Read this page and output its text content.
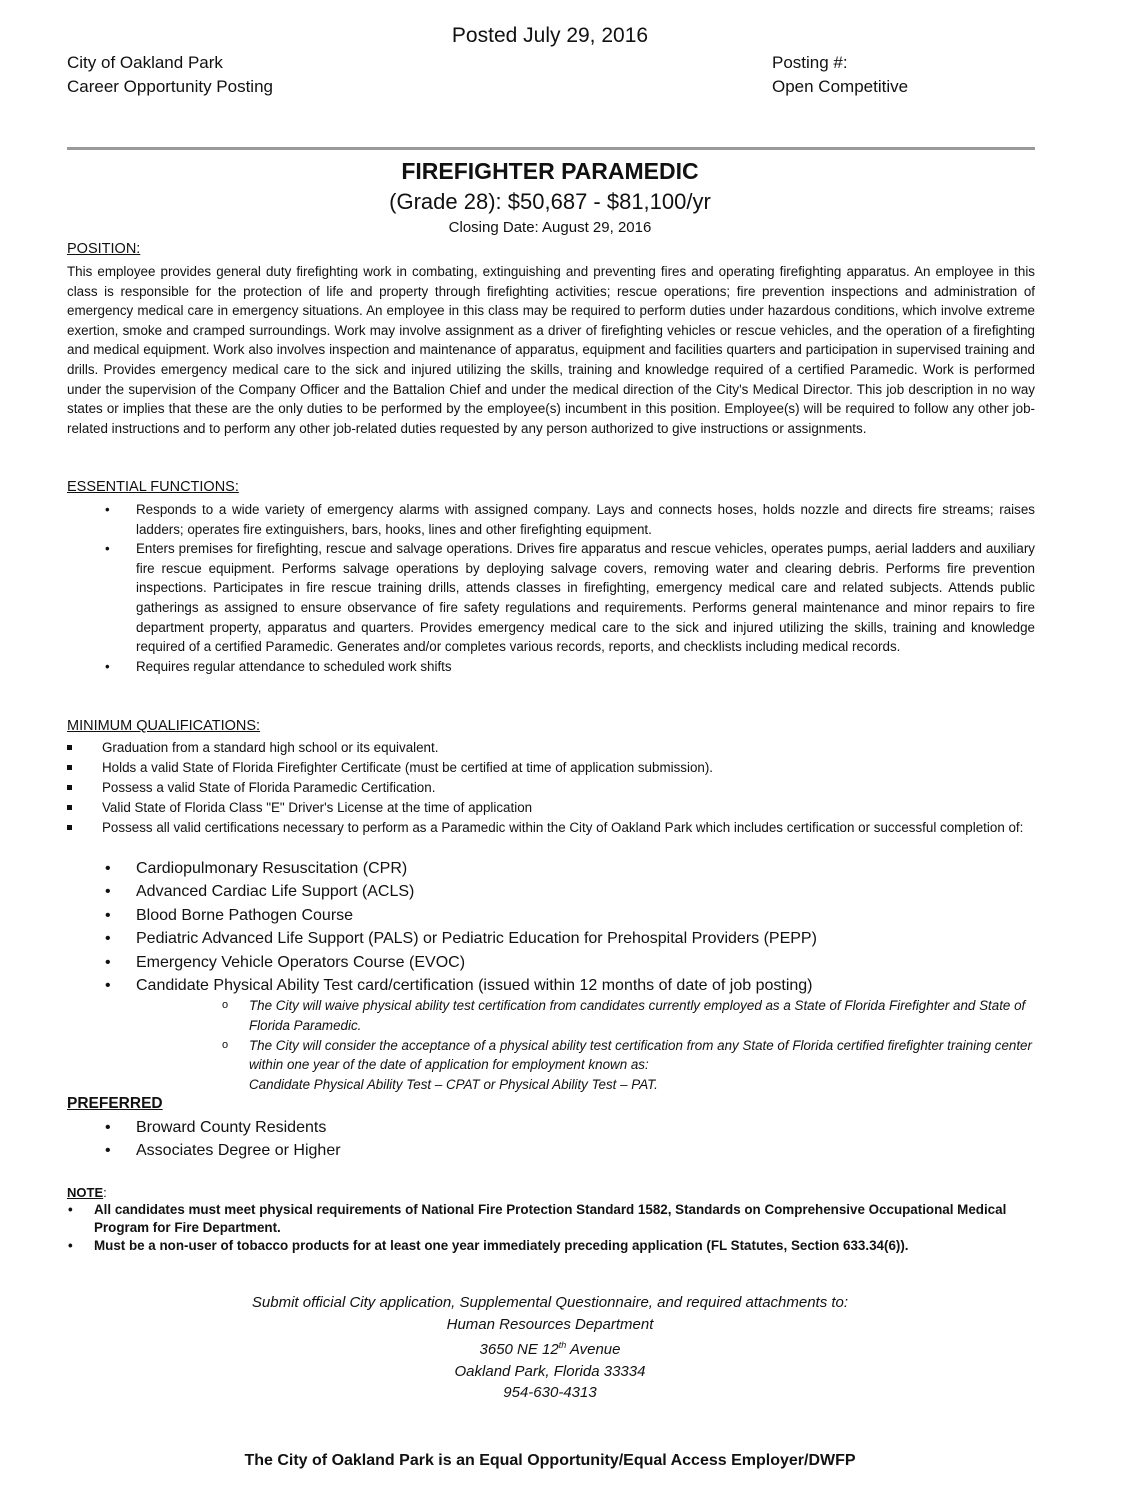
Posted July 29, 2016
City of Oakland Park
Career Opportunity Posting
Posting #:
Open Competitive
FIREFIGHTER PARAMEDIC
(Grade 28): $50,687 - $81,100/yr
Closing Date: August 29, 2016
POSITION:
This employee provides general duty firefighting work in combating, extinguishing and preventing fires and operating firefighting apparatus. An employee in this class is responsible for the protection of life and property through firefighting activities; rescue operations; fire prevention inspections and administration of emergency medical care in emergency situations. An employee in this class may be required to perform duties under hazardous conditions, which involve extreme exertion, smoke and cramped surroundings. Work may involve assignment as a driver of firefighting vehicles or rescue vehicles, and the operation of a firefighting and medical equipment. Work also involves inspection and maintenance of apparatus, equipment and facilities quarters and participation in supervised training and drills. Provides emergency medical care to the sick and injured utilizing the skills, training and knowledge required of a certified Paramedic. Work is performed under the supervision of the Company Officer and the Battalion Chief and under the medical direction of the City's Medical Director. This job description in no way states or implies that these are the only duties to be performed by the employee(s) incumbent in this position. Employee(s) will be required to follow any other job-related instructions and to perform any other job-related duties requested by any person authorized to give instructions or assignments.
ESSENTIAL FUNCTIONS:
• Responds to a wide variety of emergency alarms with assigned company. Lays and connects hoses, holds nozzle and directs fire streams; raises ladders; operates fire extinguishers, bars, hooks, lines and other firefighting equipment.
• Enters premises for firefighting, rescue and salvage operations. Drives fire apparatus and rescue vehicles, operates pumps, aerial ladders and auxiliary fire rescue equipment. Performs salvage operations by deploying salvage covers, removing water and clearing debris. Performs fire prevention inspections. Participates in fire rescue training drills, attends classes in firefighting, emergency medical care and related subjects. Attends public gatherings as assigned to ensure observance of fire safety regulations and requirements. Performs general maintenance and minor repairs to fire department property, apparatus and quarters. Provides emergency medical care to the sick and injured utilizing the skills, training and knowledge required of a certified Paramedic. Generates and/or completes various records, reports, and checklists including medical records.
• Requires regular attendance to scheduled work shifts
MINIMUM QUALIFICATIONS:
Graduation from a standard high school or its equivalent.
Holds a valid State of Florida Firefighter Certificate (must be certified at time of application submission).
Possess a valid State of Florida Paramedic Certification.
Valid State of Florida Class "E" Driver's License at the time of application
Possess all valid certifications necessary to perform as a Paramedic within the City of Oakland Park which includes certification or successful completion of:
• Cardiopulmonary Resuscitation (CPR)
• Advanced Cardiac Life Support (ACLS)
• Blood Borne Pathogen Course
• Pediatric Advanced Life Support (PALS) or Pediatric Education for Prehospital Providers (PEPP)
• Emergency Vehicle Operators Course (EVOC)
• Candidate Physical Ability Test card/certification (issued within 12 months of date of job posting)
o The City will waive physical ability test certification from candidates currently employed as a State of Florida Firefighter and State of Florida Paramedic.
o The City will consider the acceptance of a physical ability test certification from any State of Florida certified firefighter training center within one year of the date of application for employment known as:
Candidate Physical Ability Test – CPAT or Physical Ability Test – PAT.
PREFERRED
• Broward County Residents
• Associates Degree or Higher
NOTE:
• All candidates must meet physical requirements of National Fire Protection Standard 1582, Standards on Comprehensive Occupational Medical Program for Fire Department.
• Must be a non-user of tobacco products for at least one year immediately preceding application (FL Statutes, Section 633.34(6)).
Submit official City application, Supplemental Questionnaire, and required attachments to:
Human Resources Department
3650 NE 12th Avenue
Oakland Park, Florida 33334
954-630-4313
The City of Oakland Park is an Equal Opportunity/Equal Access Employer/DWFP
